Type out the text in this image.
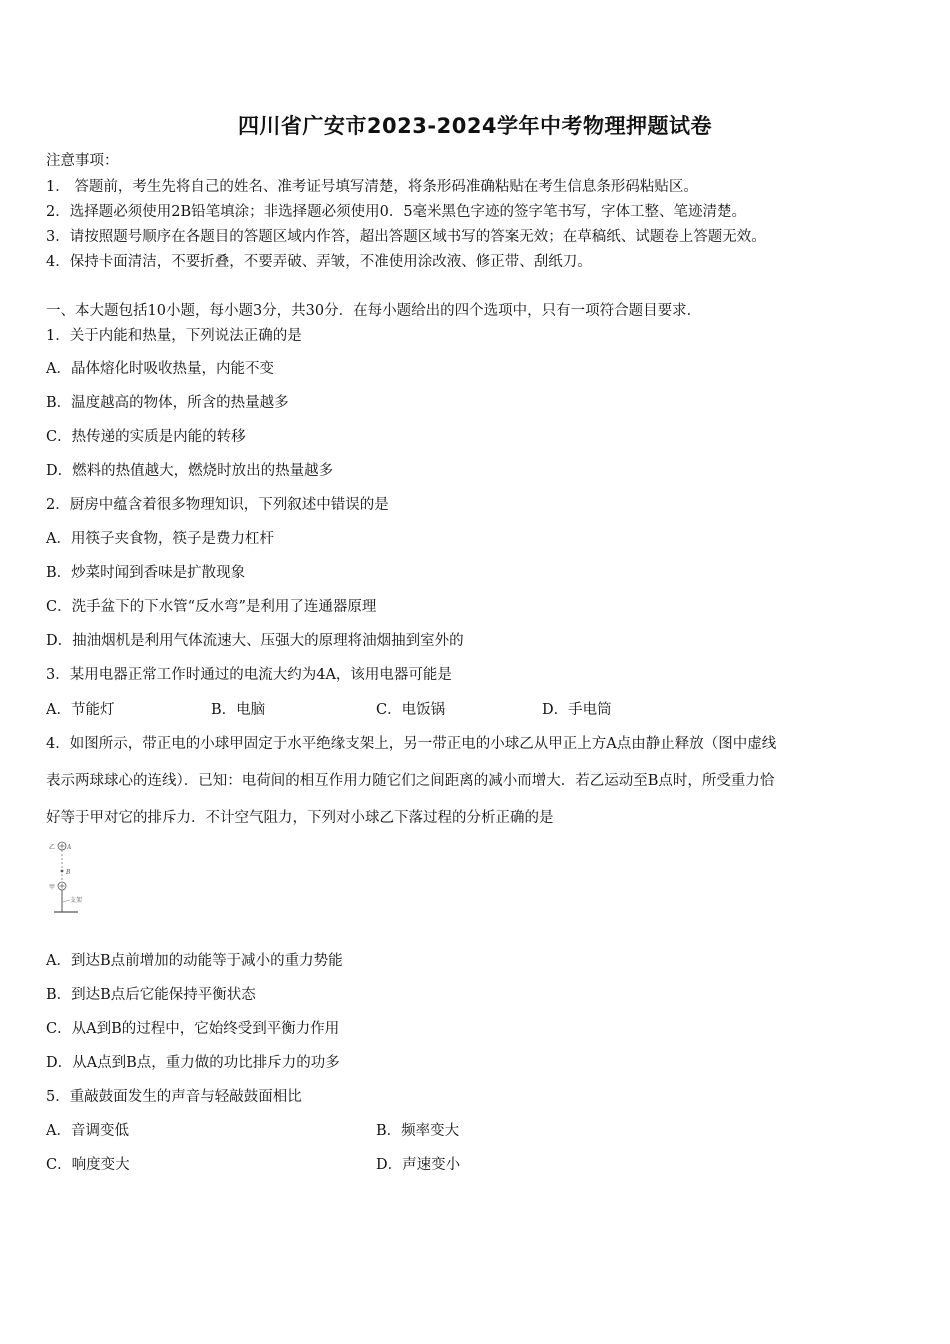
四川省广安市2023-2024学年中考物理押题试卷
注意事项：
1． 答题前，考生先将自己的姓名、准考证号填写清楚，将条形码准确粘贴在考生信息条形码粘贴区。
2．选择题必须使用2B铅笔填涂；非选择题必须使用0．5毫米黑色字迹的签字笔书写，字体工整、笔迹清楚。
3．请按照题号顺序在各题目的答题区域内作答，超出答题区域书写的答案无效；在草稿纸、试题卷上答题无效。
4．保持卡面清洁，不要折叠，不要弄破、弄皱，不准使用涂改液、修正带、刮纸刀。
一、本大题包括10小题，每小题3分，共30分．在每小题给出的四个选项中，只有一项符合题目要求．
1．关于内能和热量，下列说法正确的是
A．晶体熔化时吸收热量，内能不变
B．温度越高的物体，所含的热量越多
C．热传递的实质是内能的转移
D．燃料的热值越大，燃烧时放出的热量越多
2．厨房中蕴含着很多物理知识，下列叙述中错误的是
A．用筷子夹食物，筷子是费力杠杆
B．炒菜时闻到香味是扩散现象
C．洗手盆下的下水管“反水弯”是利用了连通器原理
D．抽油烟机是利用气体流速大、压强大的原理将油烟抽到室外的
3．某用电器正常工作时通过的电流大约为4A，该用电器可能是
A．节能灯	B．电脑	C．电饭锅	D．手电筒
4．如图所示，带正电的小球甲固定于水平绝缘支架上，另一带正电的小球乙从甲正上方A点由静止释放（图中虚线
表示两球球心的连线）．已知：电荷间的相互作用力随它们之间距离的减小而增大．若乙运动至B点时，所受重力恰
好等于甲对它的排斥力．不计空气阻力，下列对小球乙下落过程的分析正确的是
乙 A
B
甲
支架
A．到达B点前增加的动能等于减小的重力势能
B．到达B点后它能保持平衡状态
C．从A到B的过程中，它始终受到平衡力作用
D．从A点到B点，重力做的功比排斥力的功多
5．重敲鼓面发生的声音与轻敲鼓面相比
A．音调变低	B．频率变大
C．响度变大	D．声速变小
